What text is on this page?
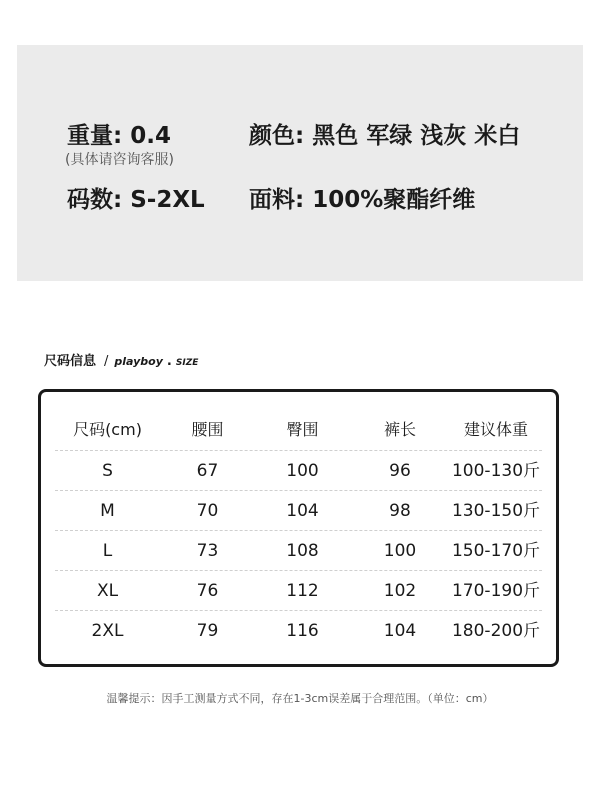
重量: 0.4
(具体请咨询客服)
颜色: 黑色 军绿 浅灰 米白
码数: S-2XL 面料: 100%聚酯纤维
尺码信息 / playboy . SIZE
尺码(cm)	腰围	臀围	裤长	建议体重
S	67	100	96	100-130斤
M	70	104	98	130-150斤
L	73	108	100	150-170斤
XL	76	112	102	170-190斤
2XL	79	116	104	180-200斤
温馨提示：因手工测量方式不同，存在1-3cm误差属于合理范围。（单位：cm）
